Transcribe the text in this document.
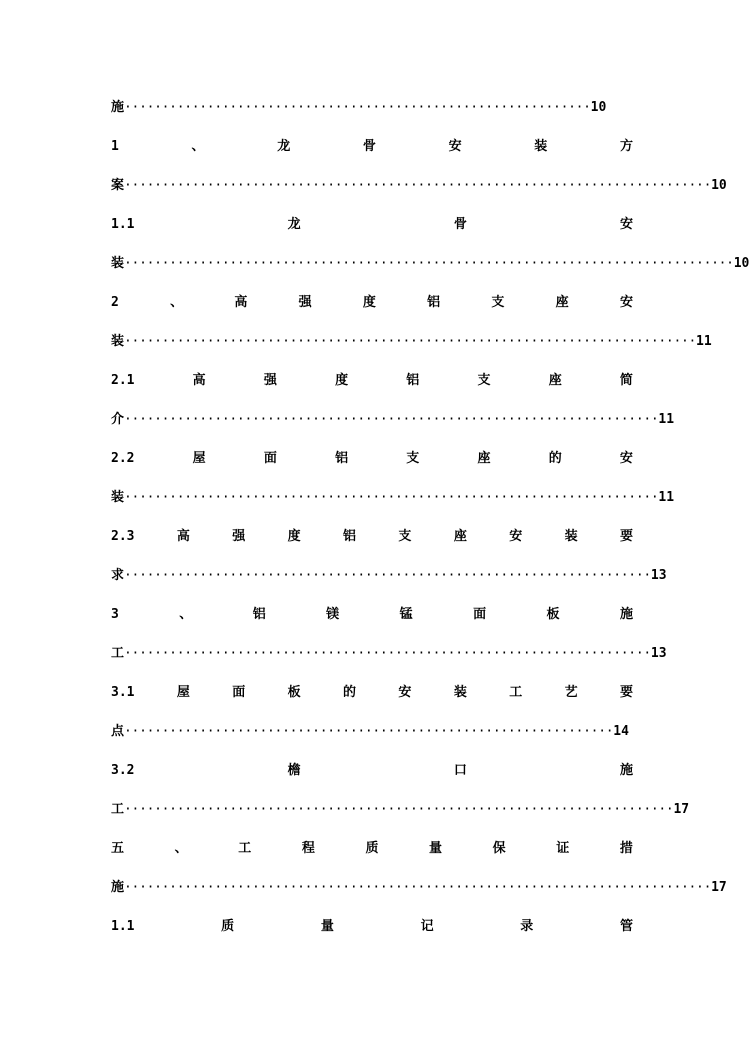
施······························································10
1	、	龙	骨	安	装	方
案··············································································10
1.1	龙	骨	安
装·················································································10
2	、	高	强	度	铝	支	座	安
装············································································11
2.1	高	强	度	铝	支	座	简
介·······································································11
2.2	屋	面	铝	支	座	的	安
装·······································································11
2.3	高	强	度	铝	支	座	安	装	要
求······································································13
3	、	铝	镁	锰	面	板	施
工······································································13
3.1	屋	面	板	的	安	装	工	艺	要
点·································································14
3.2	檐	口	施
工·········································································17
五	、	工	程	质	量	保	证	措
施··············································································17
1.1	质	量	记	录	管
